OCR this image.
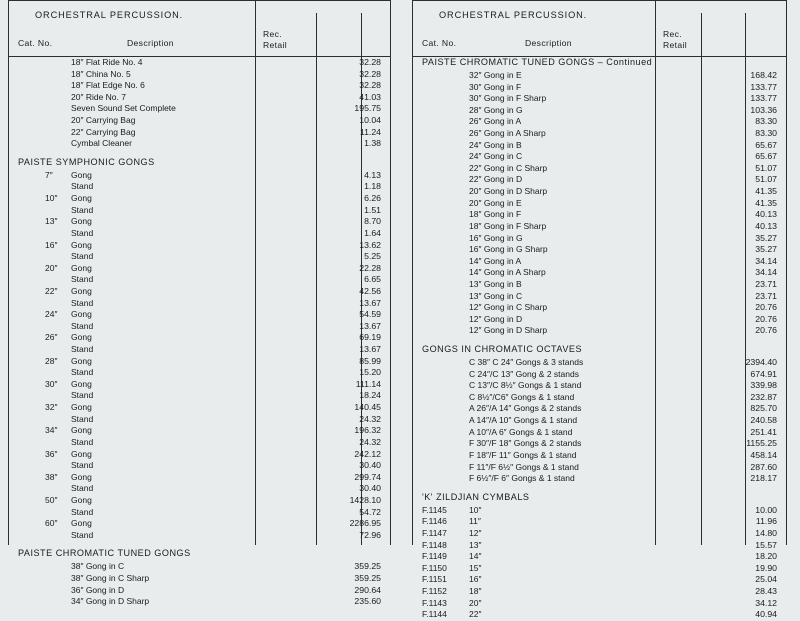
ORCHESTRAL PERCUSSION.
Cat. No.	Description
Rec.
Retail
18″ Flat Ride No. 4	32.28
18″ China No. 5	32.28
18″ Flat Edge No. 6	32.28
20″ Ride No. 7	41.03
Seven Sound Set Complete	195.75
20″ Carrying Bag	10.04
22″ Carrying Bag	11.24
Cymbal Cleaner	1.38
PAISTE SYMPHONIC GONGS
7″	Gong	4.13
Stand	1.18
10″	Gong	6.26
Stand	1.51
13″	Gong	8.70
Stand	1.64
16″	Gong	13.62
Stand	5.25
20″	Gong	22.28
Stand	6.65
22″	Gong	42.56
Stand	13.67
24″	Gong	54.59
Stand	13.67
26″	Gong	69.19
Stand	13.67
28″	Gong	85.99
Stand	15.20
30″	Gong	111.14
Stand	18.24
32″	Gong	140.45
Stand	24.32
34″	Gong	196.32
Stand	24.32
36″	Gong	242.12
Stand	30.40
38″	Gong	299.74
Stand	30.40
50″	Gong	1428.10
Stand	54.72
60″	Gong	2286.95
Stand	72.96
PAISTE CHROMATIC TUNED GONGS
38″ Gong in C	359.25
38″ Gong in C Sharp	359.25
36″ Gong in D	290.64
34″ Gong in D Sharp	235.60
ORCHESTRAL PERCUSSION.
Cat. No.	Description
Rec.
Retail
PAISTE CHROMATIC TUNED GONGS – Continued
32″ Gong in E	168.42
30″ Gong in F	133.77
30″ Gong in F Sharp	133.77
28″ Gong in G	103.36
26″ Gong in A	83.30
26″ Gong in A Sharp	83.30
24″ Gong in B	65.67
24″ Gong in C	65.67
22″ Gong in C Sharp	51.07
22″ Gong in D	51.07
20″ Gong in D Sharp	41.35
20″ Gong in E	41.35
18″ Gong in F	40.13
18″ Gong in F Sharp	40.13
16″ Gong in G	35.27
16″ Gong in G Sharp	35.27
14″ Gong in A	34.14
14″ Gong in A Sharp	34.14
13″ Gong in B	23.71
13″ Gong in C	23.71
12″ Gong in C Sharp	20.76
12″ Gong in D	20.76
12″ Gong in D Sharp	20.76
GONGS IN CHROMATIC OCTAVES
C 38″ C 24″ Gongs & 3 stands	2394.40
C 24″/C 13″ Gong & 2 stands	674.91
C 13″/C 8½″ Gongs & 1 stand	339.98
C 8½″/C6″ Gongs & 1 stand	232.87
A 26″/A 14″ Gongs & 2 stands	825.70
A 14″/A 10″ Gongs & 1 stand	240.58
A 10″/A 6″ Gongs & 1 stand	251.41
F 30″/F 18″ Gongs & 2 stands	1155.25
F 18″/F 11″ Gongs & 1 stand	458.14
F 11″/F 6½″ Gongs & 1 stand	287.60
F 6½″/F 6″ Gongs & 1 stand	218.17
'K' ZILDJIAN CYMBALS
F.1145	10″	10.00
F.1146	11″	11.96
F.1147	12″	14.80
F.1148	13″	15.57
F.1149	14″	18.20
F.1150	15″	19.90
F.1151	16″	25.04
F.1152	18″	28.43
F.1143	20″	34.12
F.1144	22″	40.94
